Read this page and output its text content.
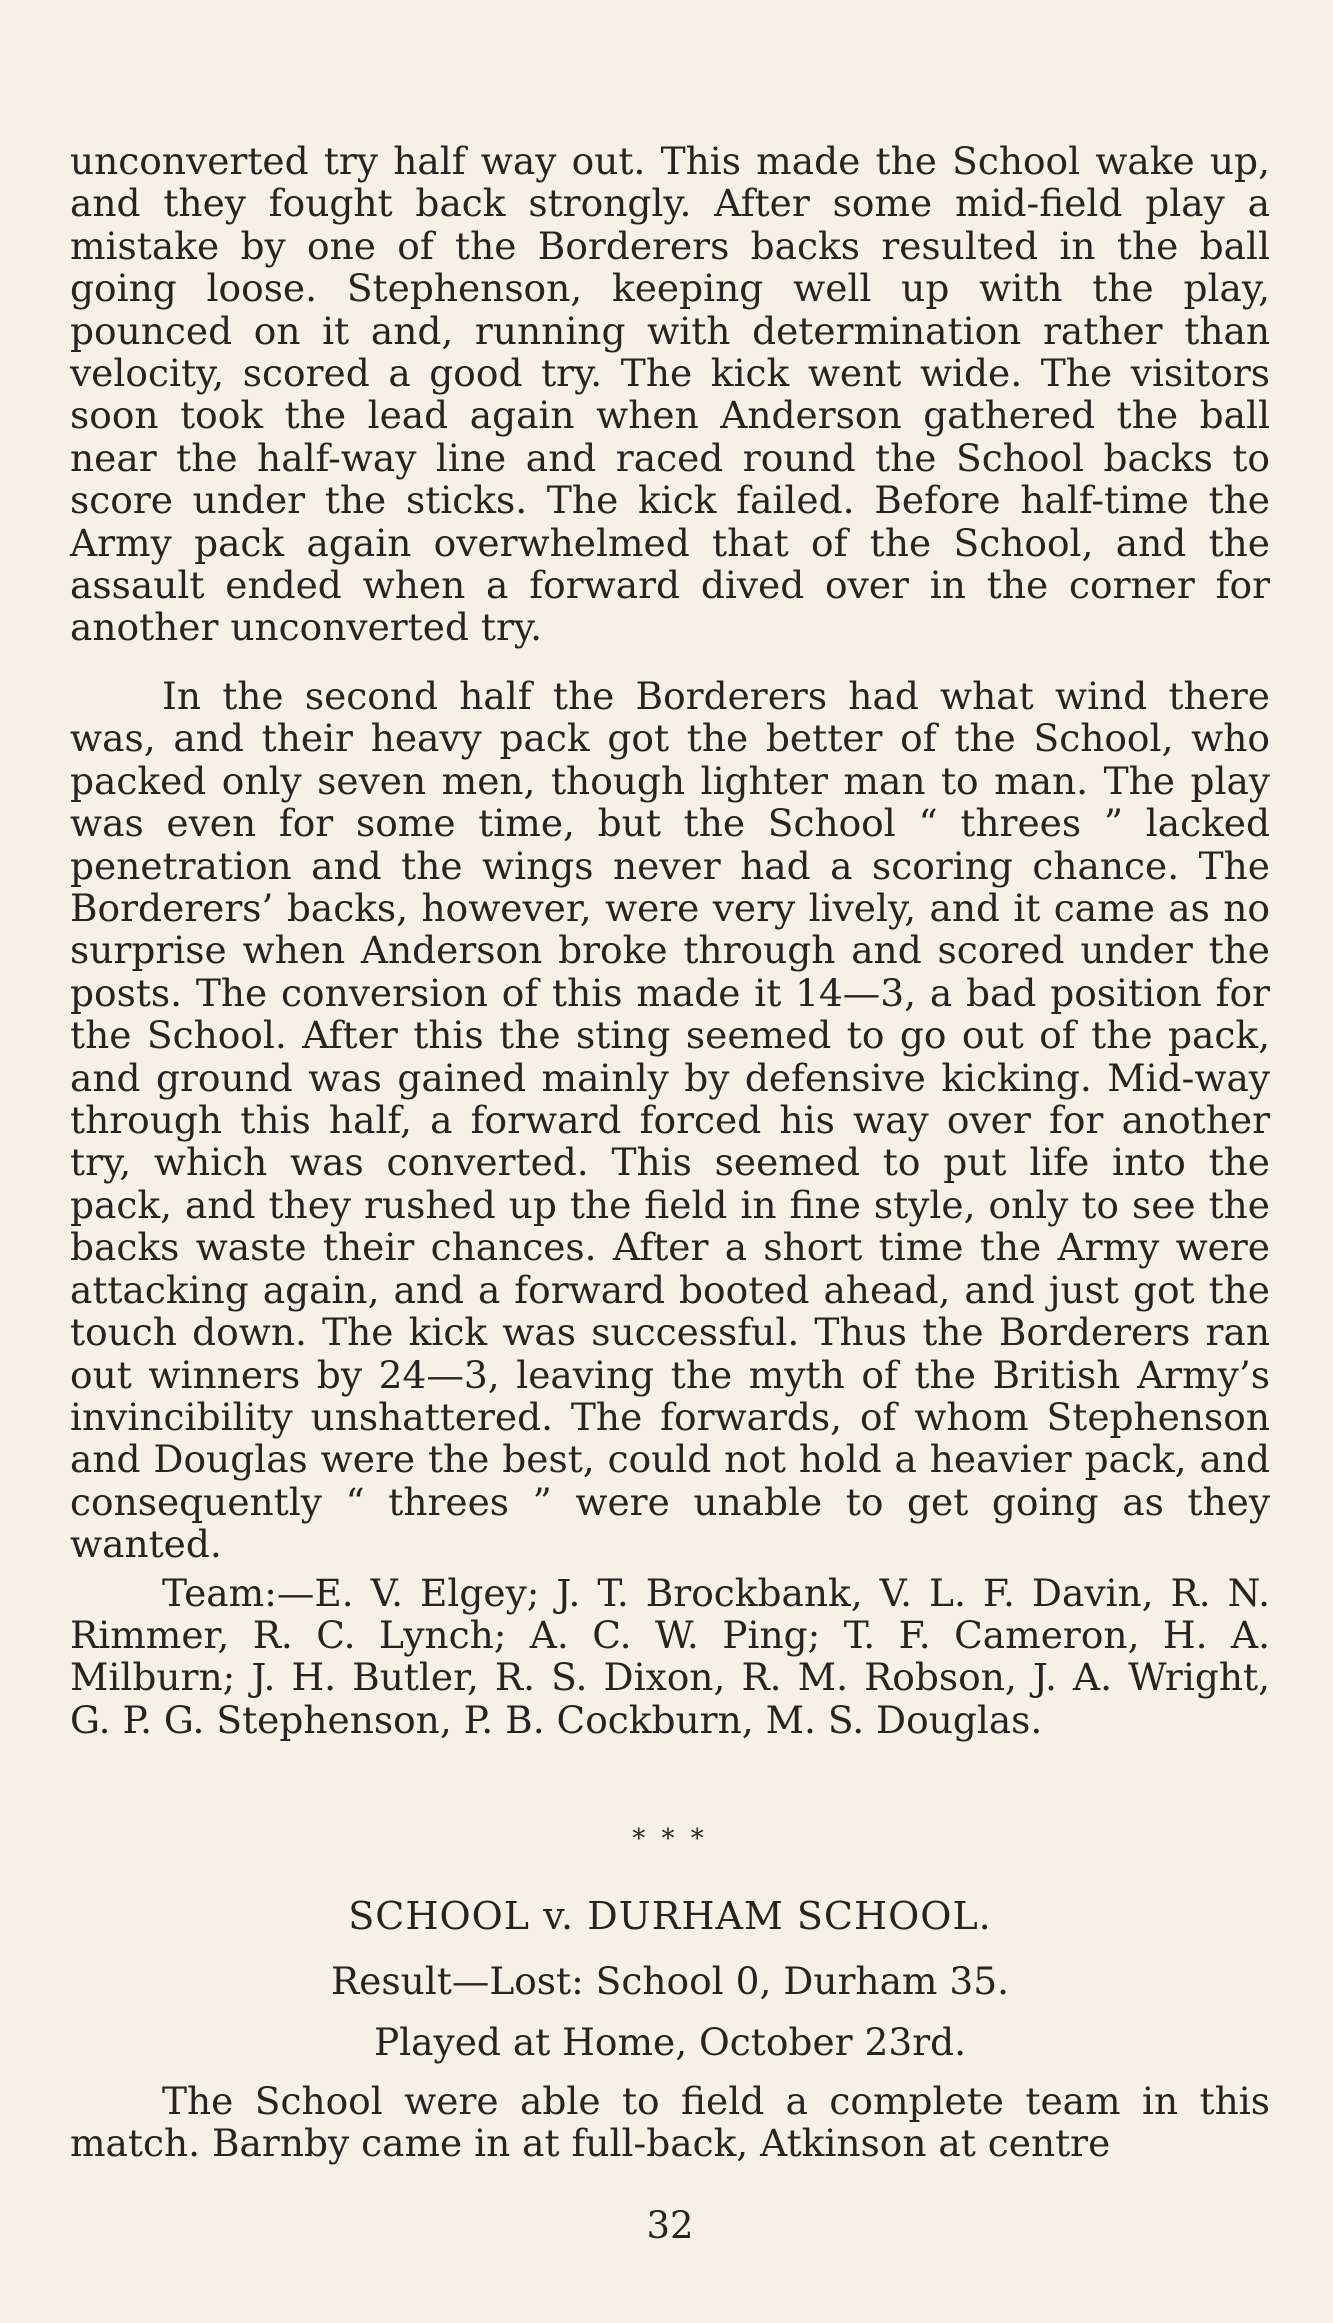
unconverted try half way out. This made the School wake up, and they fought back strongly. After some mid-field play a mistake by one of the Borderers backs resulted in the ball going loose. Stephenson, keeping well up with the play, pounced on it and, running with determination rather than velocity, scored a good try. The kick went wide. The visitors soon took the lead again when Anderson gathered the ball near the half-way line and raced round the School backs to score under the sticks. The kick failed. Before half-time the Army pack again overwhelmed that of the School, and the assault ended when a forward dived over in the corner for another unconverted try.

In the second half the Borderers had what wind there was, and their heavy pack got the better of the School, who packed only seven men, though lighter man to man. The play was even for some time, but the School “ threes ” lacked penetration and the wings never had a scoring chance. The Borderers’ backs, however, were very lively, and it came as no surprise when Anderson broke through and scored under the posts. The conversion of this made it 14—3, a bad position for the School. After this the sting seemed to go out of the pack, and ground was gained mainly by defensive kicking. Mid-way through this half, a forward forced his way over for another try, which was converted. This seemed to put life into the pack, and they rushed up the field in fine style, only to see the backs waste their chances. After a short time the Army were attacking again, and a forward booted ahead, and just got the touch down. The kick was successful. Thus the Borderers ran out winners by 24—3, leaving the myth of the British Army’s invincibility unshattered. The forwards, of whom Stephenson and Douglas were the best, could not hold a heavier pack, and consequently “ threes ” were unable to get going as they wanted.

Team:—E. V. Elgey; J. T. Brockbank, V. L. F. Davin, R. N. Rimmer, R. C. Lynch; A. C. W. Ping; T. F. Cameron, H. A. Milburn; J. H. Butler, R. S. Dixon, R. M. Robson, J. A. Wright, G. P. G. Stephenson, P. B. Cockburn, M. S. Douglas.

* * *

SCHOOL v. DURHAM SCHOOL.

Result—Lost: School 0, Durham 35.

Played at Home, October 23rd.

The School were able to field a complete team in this match. Barnby came in at full-back, Atkinson at centre

32
